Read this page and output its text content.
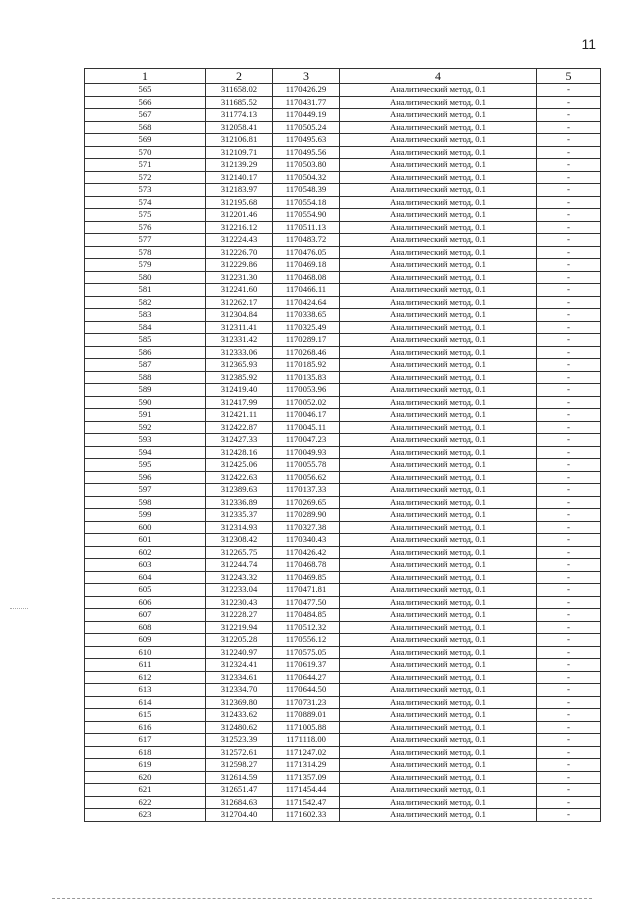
11
1	2	3	4	5
565	311658.02	1170426.29	Аналитический метод, 0.1	-
566	311685.52	1170431.77	Аналитический метод, 0.1	-
567	311774.13	1170449.19	Аналитический метод, 0.1	-
568	312058.41	1170505.24	Аналитический метод, 0.1	-
569	312106.81	1170495.63	Аналитический метод, 0.1	-
570	312109.71	1170495.56	Аналитический метод, 0.1	-
571	312139.29	1170503.80	Аналитический метод, 0.1	-
572	312140.17	1170504.32	Аналитический метод, 0.1	-
573	312183.97	1170548.39	Аналитический метод, 0.1	-
574	312195.68	1170554.18	Аналитический метод, 0.1	-
575	312201.46	1170554.90	Аналитический метод, 0.1	-
576	312216.12	1170511.13	Аналитический метод, 0.1	-
577	312224.43	1170483.72	Аналитический метод, 0.1	-
578	312226.70	1170476.05	Аналитический метод, 0.1	-
579	312229.86	1170469.18	Аналитический метод, 0.1	-
580	312231.30	1170468.08	Аналитический метод, 0.1	-
581	312241.60	1170466.11	Аналитический метод, 0.1	-
582	312262.17	1170424.64	Аналитический метод, 0.1	-
583	312304.84	1170338.65	Аналитический метод, 0.1	-
584	312311.41	1170325.49	Аналитический метод, 0.1	-
585	312331.42	1170289.17	Аналитический метод, 0.1	-
586	312333.06	1170268.46	Аналитический метод, 0.1	-
587	312365.93	1170185.92	Аналитический метод, 0.1	-
588	312385.92	1170135.83	Аналитический метод, 0.1	-
589	312419.40	1170053.96	Аналитический метод, 0.1	-
590	312417.99	1170052.02	Аналитический метод, 0.1	-
591	312421.11	1170046.17	Аналитический метод, 0.1	-
592	312422.87	1170045.11	Аналитический метод, 0.1	-
593	312427.33	1170047.23	Аналитический метод, 0.1	-
594	312428.16	1170049.93	Аналитический метод, 0.1	-
595	312425.06	1170055.78	Аналитический метод, 0.1	-
596	312422.63	1170056.62	Аналитический метод, 0.1	-
597	312389.63	1170137.33	Аналитический метод, 0.1	-
598	312336.89	1170269.65	Аналитический метод, 0.1	-
599	312335.37	1170289.90	Аналитический метод, 0.1	-
600	312314.93	1170327.38	Аналитический метод, 0.1	-
601	312308.42	1170340.43	Аналитический метод, 0.1	-
602	312265.75	1170426.42	Аналитический метод, 0.1	-
603	312244.74	1170468.78	Аналитический метод, 0.1	-
604	312243.32	1170469.85	Аналитический метод, 0.1	-
605	312233.04	1170471.81	Аналитический метод, 0.1	-
606	312230.43	1170477.50	Аналитический метод, 0.1	-
607	312228.27	1170484.85	Аналитический метод, 0.1	-
608	312219.94	1170512.32	Аналитический метод, 0.1	-
609	312205.28	1170556.12	Аналитический метод, 0.1	-
610	312240.97	1170575.05	Аналитический метод, 0.1	-
611	312324.41	1170619.37	Аналитический метод, 0.1	-
612	312334.61	1170644.27	Аналитический метод, 0.1	-
613	312334.70	1170644.50	Аналитический метод, 0.1	-
614	312369.80	1170731.23	Аналитический метод, 0.1	-
615	312433.62	1170889.01	Аналитический метод, 0.1	-
616	312480.62	1171005.88	Аналитический метод, 0.1	-
617	312523.39	1171118.00	Аналитический метод, 0.1	-
618	312572.61	1171247.02	Аналитический метод, 0.1	-
619	312598.27	1171314.29	Аналитический метод, 0.1	-
620	312614.59	1171357.09	Аналитический метод, 0.1	-
621	312651.47	1171454.44	Аналитический метод, 0.1	-
622	312684.63	1171542.47	Аналитический метод, 0.1	-
623	312704.40	1171602.33	Аналитический метод, 0.1	-
